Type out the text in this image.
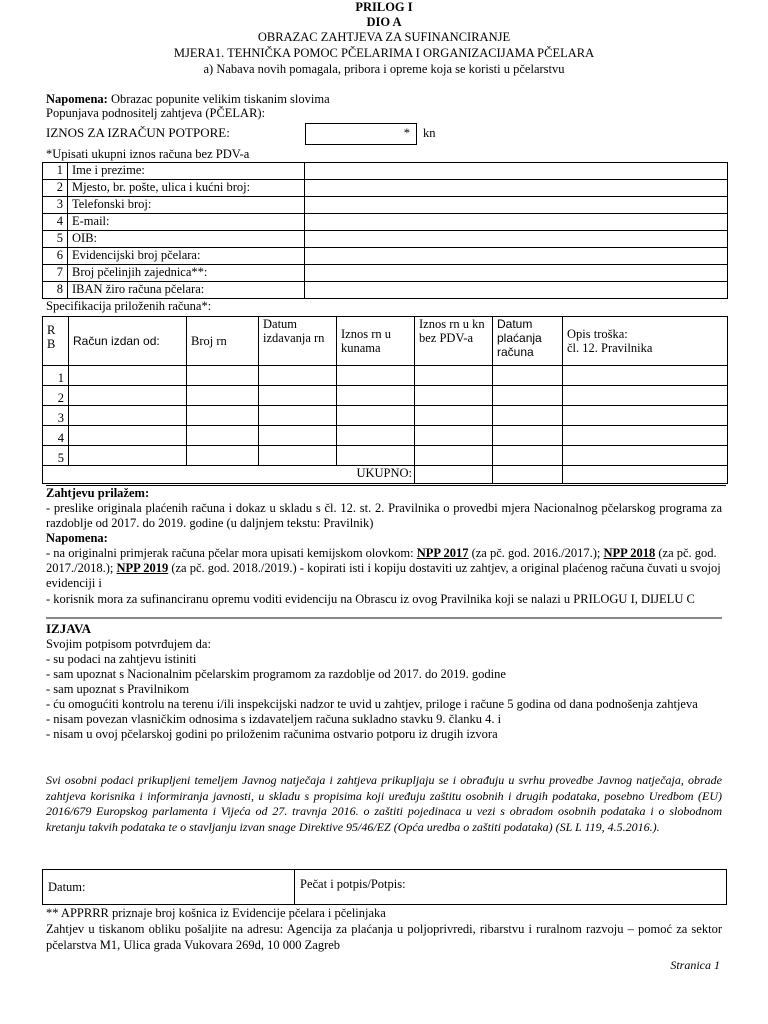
PRILOG I
DIO A
OBRAZAC ZAHTJEVA ZA SUFINANCIRANJE
MJERA1. TEHNIČKA POMOC PČELARIMA I ORGANIZACIJAMA PČELARA
a) Nabava novih pomagala, pribora i opreme koja se koristi u pčelarstvu
Napomena: Obrazac popunite velikim tiskanim slovima
Popunjava podnositelj zahtjeva (PČELAR):
IZNOS ZA IZRAČUN POTPORE:	* kn
*Upisati ukupni iznos računa bez PDV-a
1	Ime i prezime:	
2	Mjesto, br. pošte, ulica i kućni broj:	
3	Telefonski broj:	
4	E-mail:	
5	OIB:	
6	Evidencijski broj pčelara:	
7	Broj pčelinjih zajednica**:	
8	IBAN žiro računa pčelara:	
Specifikacija priloženih računa*:
R B	Račun izdan od:	Broj rn	Datum izdavanja rn	Iznos rn u kunama	Iznos rn u kn bez PDV-a	Datum plaćanja računa	Opis troška:
čl. 12. Pravilnika

1							
2							
3							
4							
5							
UKUPNO:							
Zahtjevu prilažem:
- preslike originala plaćenih računa i dokaz u skladu s čl. 12. st. 2. Pravilnika o provedbi mjera Nacionalnog pčelarskog programa za razdoblje od 2017. do 2019. godine (u daljnjem tekstu: Pravilnik)
Napomena:
- na originalni primjerak računa pčelar mora upisati kemijskom olovkom: NPP 2017 (za pč. god. 2016./2017.); NPP 2018 (za pč. god. 2017./2018.); NPP 2019 (za pč. god. 2018./2019.) - kopirati isti i kopiju dostaviti uz zahtjev, a original plaćenog računa čuvati u svojoj evidenciji i
- korisnik mora za sufinanciranu opremu voditi evidenciju na Obrascu iz ovog Pravilnika koji se nalazi u PRILOGU I, DIJELU C
IZJAVA
Svojim potpisom potvrđujem da:
- su podaci na zahtjevu istiniti
- sam upoznat s Nacionalnim pčelarskim programom za razdoblje od 2017. do 2019. godine
- sam upoznat s Pravilnikom
- ću omogućiti kontrolu na terenu i/ili inspekcijski nadzor te uvid u zahtjev, priloge i račune 5 godina od dana podnošenja zahtjeva
- nisam povezan vlasničkim odnosima s izdavateljem računa sukladno stavku 9. članku 4. i
- nisam u ovoj pčelarskoj godini po priloženim računima ostvario potporu iz drugih izvora
Svi osobni podaci prikupljeni temeljem Javnog natječaja i zahtjeva prikupljaju se i obrađuju u svrhu provedbe Javnog natječaja, obrade zahtjeva korisnika i informiranja javnosti, u skladu s propisima koji uređuju zaštitu osobnih i drugih podataka, posebno Uredbom (EU) 2016/679 Europskog parlamenta i Vijeća od 27. travnja 2016. o zaštiti pojedinaca u vezi s obradom osobnih podataka i o slobodnom kretanju takvih podataka te o stavljanju izvan snage Direktive 95/46/EZ (Opća uredba o zaštiti podataka) (SL L 119, 4.5.2016.).
Datum:	Pečat i potpis/Potpis:
** APPRRR priznaje broj košnica iz Evidencije pčelara i pčelinjaka
Zahtjev u tiskanom obliku pošaljite na adresu: Agencija za plaćanja u poljoprivredi, ribarstvu i ruralnom razvoju – pomoć za sektor pčelarstva M1, Ulica grada Vukovara 269d, 10 000 Zagreb
Stranica 1
